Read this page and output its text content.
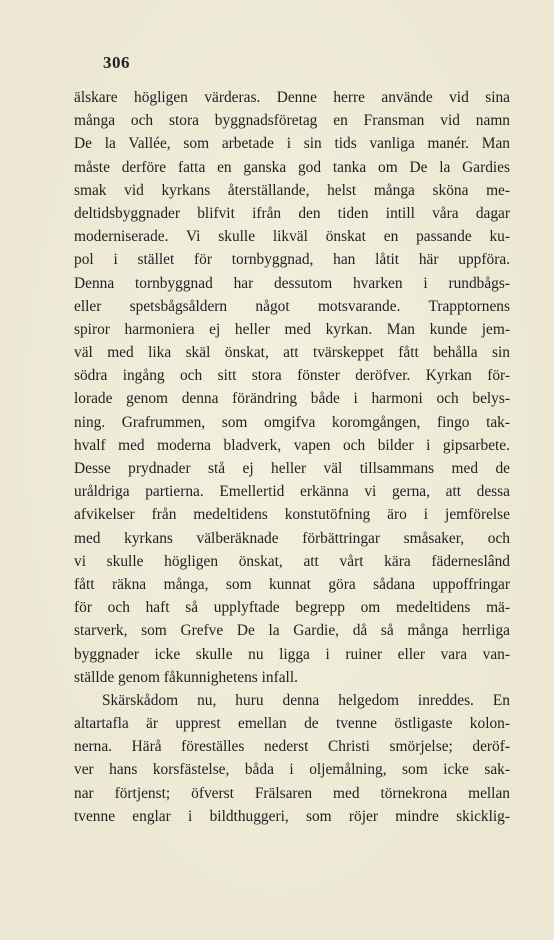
306
älskare högligen värderas. Denne herre använde vid sina
många och stora byggnadsföretag en Fransman vid namn
De la Vallée, som arbetade i sin tids vanliga manér. Man
måste derföre fatta en ganska god tanka om De la Gardies
smak vid kyrkans återställande, helst många sköna me-
deltidsbyggnader blifvit ifrån den tiden intill våra dagar
moderniserade. Vi skulle likväl önskat en passande ku-
pol i stället för tornbyggnad, han låtit här uppföra.
Denna tornbyggnad har dessutom hvarken i rundbågs-
eller spetsbågsåldern något motsvarande. Trapptornens
spiror harmoniera ej heller med kyrkan. Man kunde jem-
väl med lika skäl önskat, att tvärskeppet fått behålla sin
södra ingång och sitt stora fönster deröfver. Kyrkan för-
lorade genom denna förändring både i harmoni och belys-
ning. Grafrummen, som omgifva koromgången, fingo tak-
hvalf med moderna bladverk, vapen och bilder i gipsarbete.
Desse prydnader stå ej heller väl tillsammans med de
uråldriga partierna. Emellertid erkänna vi gerna, att dessa
afvikelser från medeltidens konstutöfning äro i jemförelse
med kyrkans välberäknade förbättringar småsaker, och
vi skulle högligen önskat, att vårt kära fäderneslând
fått räkna många, som kunnat göra sådana uppoffringar
för och haft så upplyftade begrepp om medeltidens mä-
starverk, som Grefve De la Gardie, då så många herrliga
byggnader icke skulle nu ligga i ruiner eller vara van-
ställde genom fåkunnighetens infall.
Skärskådom nu, huru denna helgedom inreddes. En
altartafla är upprest emellan de tvenne östligaste kolon-
nerna. Härå föreställes nederst Christi smörjelse; deröf-
ver hans korsfästelse, båda i oljemålning, som icke sak-
nar förtjenst; öfverst Frälsaren med törnekrona mellan
tvenne englar i bildthuggeri, som röjer mindre skicklig-
